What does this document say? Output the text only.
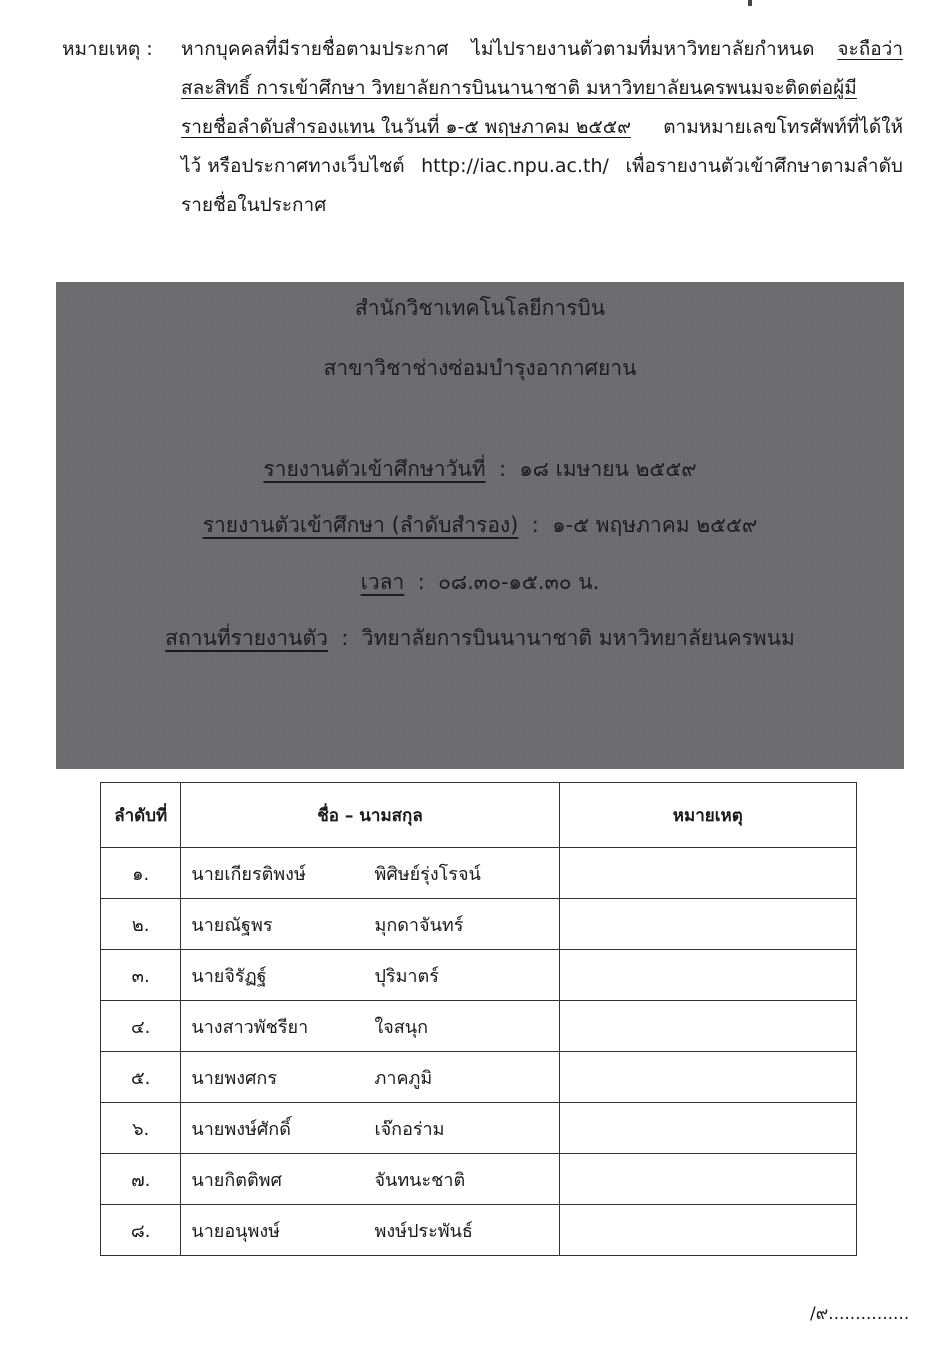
หมายเหตุ : หากบุคคลที่มีรายชื่อตามประกาศ ไม่ไปรายงานตัวตามที่มหาวิทยาลัยกำหนด จะถือว่า
สละสิทธิ์ การเข้าศึกษา วิทยาลัยการบินนานาชาติ มหาวิทยาลัยนครพนมจะติดต่อผู้มี
รายชื่อลำดับสำรองแทน ในวันที่ ๑-๕ พฤษภาคม ๒๕๕๙ ตามหมายเลขโทรศัพท์ที่ได้ให้
ไว้ หรือประกาศทางเว็บไซต์ http://iac.npu.ac.th/ เพื่อรายงานตัวเข้าศึกษาตามลำดับ
รายชื่อในประกาศ
สำนักวิชาเทคโนโลยีการบิน
สาขาวิชาช่างซ่อมบำรุงอากาศยาน
รายงานตัวเข้าศึกษาวันที่  :  ๑๘ เมษายน ๒๕๕๙
รายงานตัวเข้าศึกษา (ลำดับสำรอง)  :  ๑-๕ พฤษภาคม ๒๕๕๙
เวลา  :  ๐๘.๓๐-๑๕.๓๐ น.
สถานที่รายงานตัว  :  วิทยาลัยการบินนานาชาติ มหาวิทยาลัยนครพนม
ลำดับที่	ชื่อ – นามสกุล		หมายเหตุ
๑.	นายเกียรติพงษ์	พิศิษย์รุ่งโรจน์	
๒.	นายณัฐพร	มุกดาจันทร์	
๓.	นายจิรัฏฐ์	ปุริมาตร์	
๔.	นางสาวพัชรียา	ใจสนุก	
๕.	นายพงศกร	ภาคภูมิ	
๖.	นายพงษ์ศักดิ์	เจ๊กอร่าม	
๗.	นายกิตติพศ	จันทนะชาติ	
๘.	นายอนุพงษ์	พงษ์ประพันธ์	
/๙...............
